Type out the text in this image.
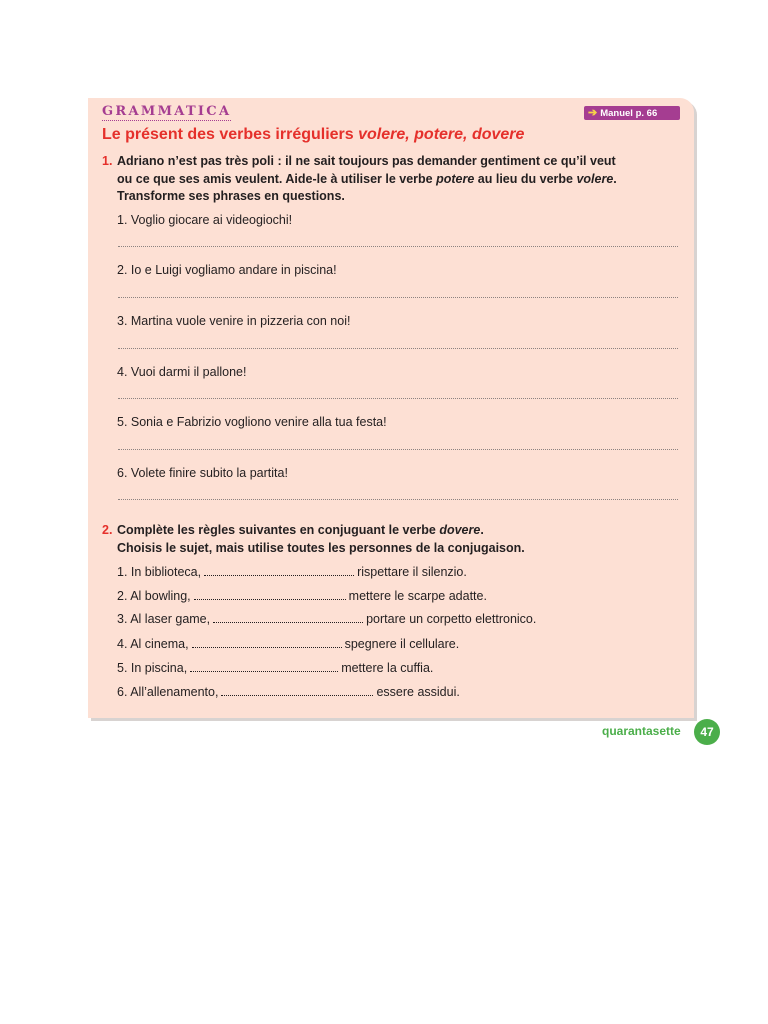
GRAMMATICA	➔ Manuel p. 66
Le présent des verbes irréguliers volere, potere, dovere
1. Adriano n’est pas très poli : il ne sait toujours pas demander gentiment ce qu’il veut
ou ce que ses amis veulent. Aide-le à utiliser le verbe potere au lieu du verbe volere.
Transforme ses phrases en questions.
1. Voglio giocare ai videogiochi!
2. Io e Luigi vogliamo andare in piscina!
3. Martina vuole venire in pizzeria con noi!
4. Vuoi darmi il pallone!
5. Sonia e Fabrizio vogliono venire alla tua festa!
6. Volete finire subito la partita!
2. Complète les règles suivantes en conjuguant le verbe dovere.
Choisis le sujet, mais utilise toutes les personnes de la conjugaison.
1. In biblioteca,	rispettare il silenzio.
2. Al bowling,	mettere le scarpe adatte.
3. Al laser game,	portare un corpetto elettronico.
4. Al cinema,	spegnere il cellulare.
5. In piscina,	mettere la cuffia.
6. All’allenamento,	essere assidui.
quarantasette	47
